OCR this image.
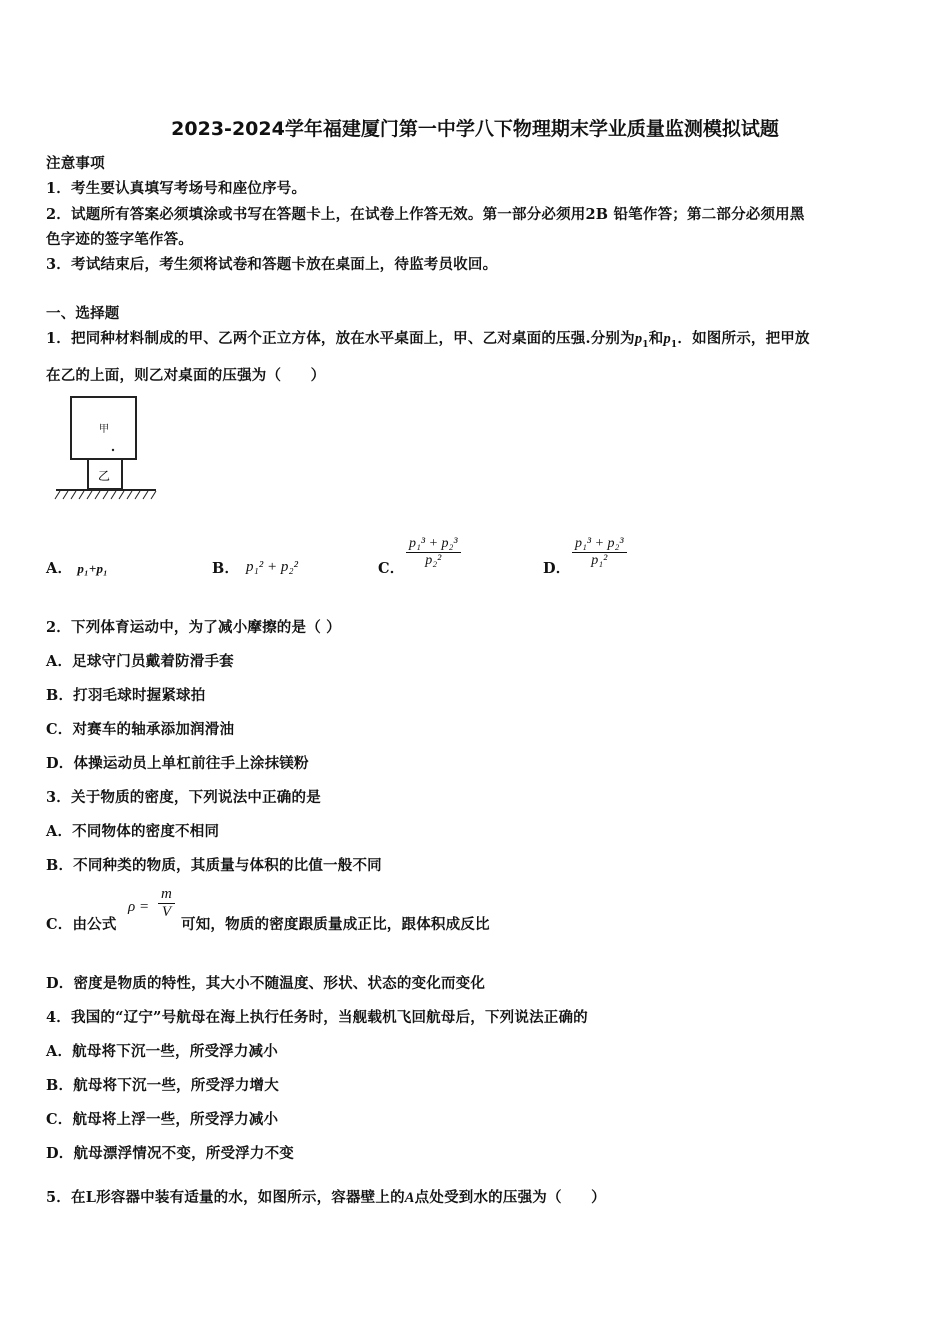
2023-2024学年福建厦门第一中学八下物理期末学业质量监测模拟试题
注意事项
1．考生要认真填写考场号和座位序号。
2．试题所有答案必须填涂或书写在答题卡上，在试卷上作答无效。第一部分必须用2B 铅笔作答；第二部分必须用黑
色字迹的签字笔作答。
3．考试结束后，考生须将试卷和答题卡放在桌面上，待监考员收回。
一、选择题
1．把同种材料制成的甲、乙两个正立方体，放在水平桌面上，甲、乙对桌面的压强.分别为$p_1$和$p_1$．如图所示，把甲放
在乙的上面，则乙对桌面的压强为（　　）
甲
乙
A． p₁+p₁	B． p₁² + p₂²	C． $\frac{\text{p₁³ + p₂³}}{\text{p₂²}}$	D． $\frac{\text{p₁³ + p₂³}}{\text{p₁²}}$
2．下列体育运动中，为了减小摩擦的是（ ）
A．足球守门员戴着防滑手套
B．打羽毛球时握紧球拍
C．对赛车的轴承添加润滑油
D．体操运动员上单杠前往手上涂抹镁粉
3．关于物质的密度，下列说法中正确的是
A．不同物体的密度不相同
B．不同种类的物质，其质量与体积的比值一般不同
C．由公式
$\rho = \frac{m}{V}$
可知，物质的密度跟质量成正比，跟体积成反比
D．密度是物质的特性，其大小不随温度、形状、状态的变化而变化
4．我国的“辽宁”号航母在海上执行任务时，当舰载机飞回航母后，下列说法正确的
A．航母将下沉一些，所受浮力减小
B．航母将下沉一些，所受浮力增大
C．航母将上浮一些，所受浮力减小
D．航母漂浮情况不变，所受浮力不变
5．在L形容器中装有适量的水，如图所示，容器壁上的A点处受到水的压强为（　　）
